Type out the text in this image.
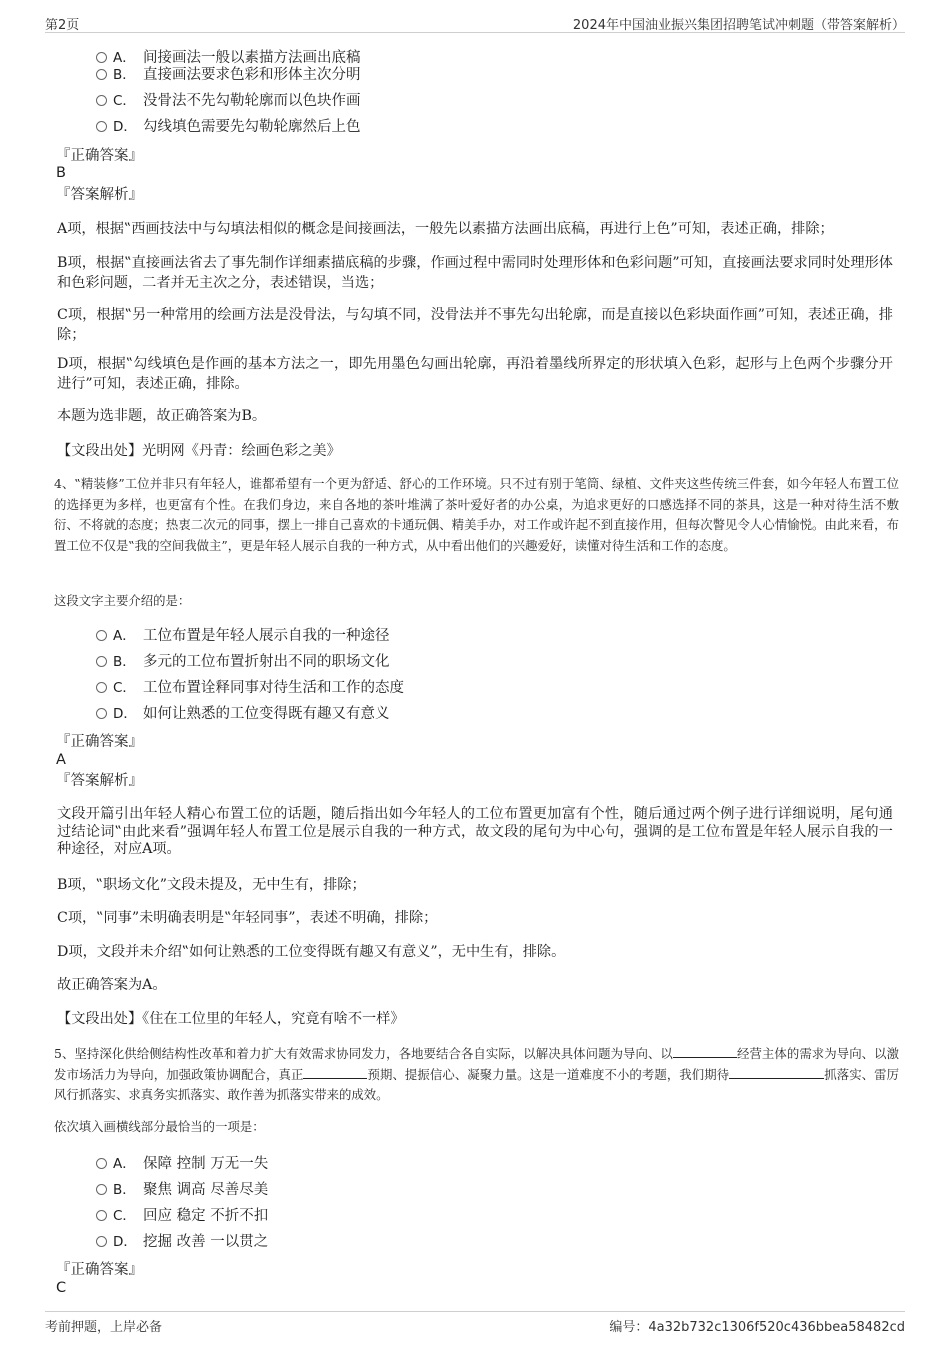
第2页	2024年中国油业振兴集团招聘笔试冲刺题（带答案解析）
A． 间接画法一般以素描方法画出底稿
B． 直接画法要求色彩和形体主次分明
C． 没骨法不先勾勒轮廓而以色块作画
D． 勾线填色需要先勾勒轮廓然后上色
『正确答案』
B
『答案解析』

A项，根据‟西画技法中与勾填法相似的概念是间接画法，一般先以素描方法画出底稿，再进行上色”可知，表述正确，排除；

B项，根据‟直接画法省去了事先制作详细素描底稿的步骤，作画过程中需同时处理形体和色彩问题”可知，直接画法要求同时处理形体和色彩问题，二者并无主次之分，表述错误，当选；

C项，根据‟另一种常用的绘画方法是没骨法，与勾填不同，没骨法并不事先勾出轮廓，而是直接以色彩块面作画”可知，表述正确，排除；

D项，根据‟勾线填色是作画的基本方法之一，即先用墨色勾画出轮廓，再沿着墨线所界定的形状填入色彩，起形与上色两个步骤分开进行”可知，表述正确，排除。

本题为选非题，故正确答案为B。

【文段出处】光明网《丹青：绘画色彩之美》

4、‟精装修”工位并非只有年轻人，谁都希望有一个更为舒适、舒心的工作环境。只不过有别于笔筒、绿植、文件夹这些传统三件套，如今年轻人布置工位的选择更为多样，也更富有个性。在我们身边，来自各地的茶叶堆满了茶叶爱好者的办公桌，为追求更好的口感选择不同的茶具，这是一种对待生活不敷衍、不将就的态度；热衷二次元的同事，摆上一排自己喜欢的卡通玩偶、精美手办，对工作或许起不到直接作用，但每次瞥见令人心情愉悦。由此来看，布置工位不仅是‟我的空间我做主”，更是年轻人展示自我的一种方式，从中看出他们的兴趣爱好，读懂对待生活和工作的态度。

这段文字主要介绍的是：
A． 工位布置是年轻人展示自我的一种途径
B． 多元的工位布置折射出不同的职场文化
C． 工位布置诠释同事对待生活和工作的态度
D． 如何让熟悉的工位变得既有趣又有意义
『正确答案』
A
『答案解析』

文段开篇引出年轻人精心布置工位的话题，随后指出如今年轻人的工位布置更加富有个性，随后通过两个例子进行详细说明，尾句通过结论词‟由此来看”强调年轻人布置工位是展示自我的一种方式，故文段的尾句为中心句，强调的是工位布置是年轻人展示自我的一种途径，对应A项。

B项，‟职场文化”文段未提及，无中生有，排除；

C项，‟同事”未明确表明是‟年轻同事”，表述不明确，排除；

D项，文段并未介绍‟如何让熟悉的工位变得既有趣又有意义”，无中生有，排除。

故正确答案为A。

【文段出处】《住在工位里的年轻人，究竟有啥不一样》

5、坚持深化供给侧结构性改革和着力扩大有效需求协同发力，各地要结合各自实际，以解决具体问题为导向、以	经营主体的需求为导向、以激发市场活力为导向，加强政策协调配合，真正	预期、提振信心、凝聚力量。这是一道难度不小的考题，我们期待	抓落实、雷厉风行抓落实、求真务实抓落实、敢作善为抓落实带来的成效。

依次填入画横线部分最恰当的一项是：
A． 保障 控制 万无一失
B． 聚焦 调高 尽善尽美
C． 回应 稳定 不折不扣
D． 挖掘 改善 一以贯之
『正确答案』
C
考前押题，上岸必备	编号：4a32b732c1306f520c436bbea58482cd
